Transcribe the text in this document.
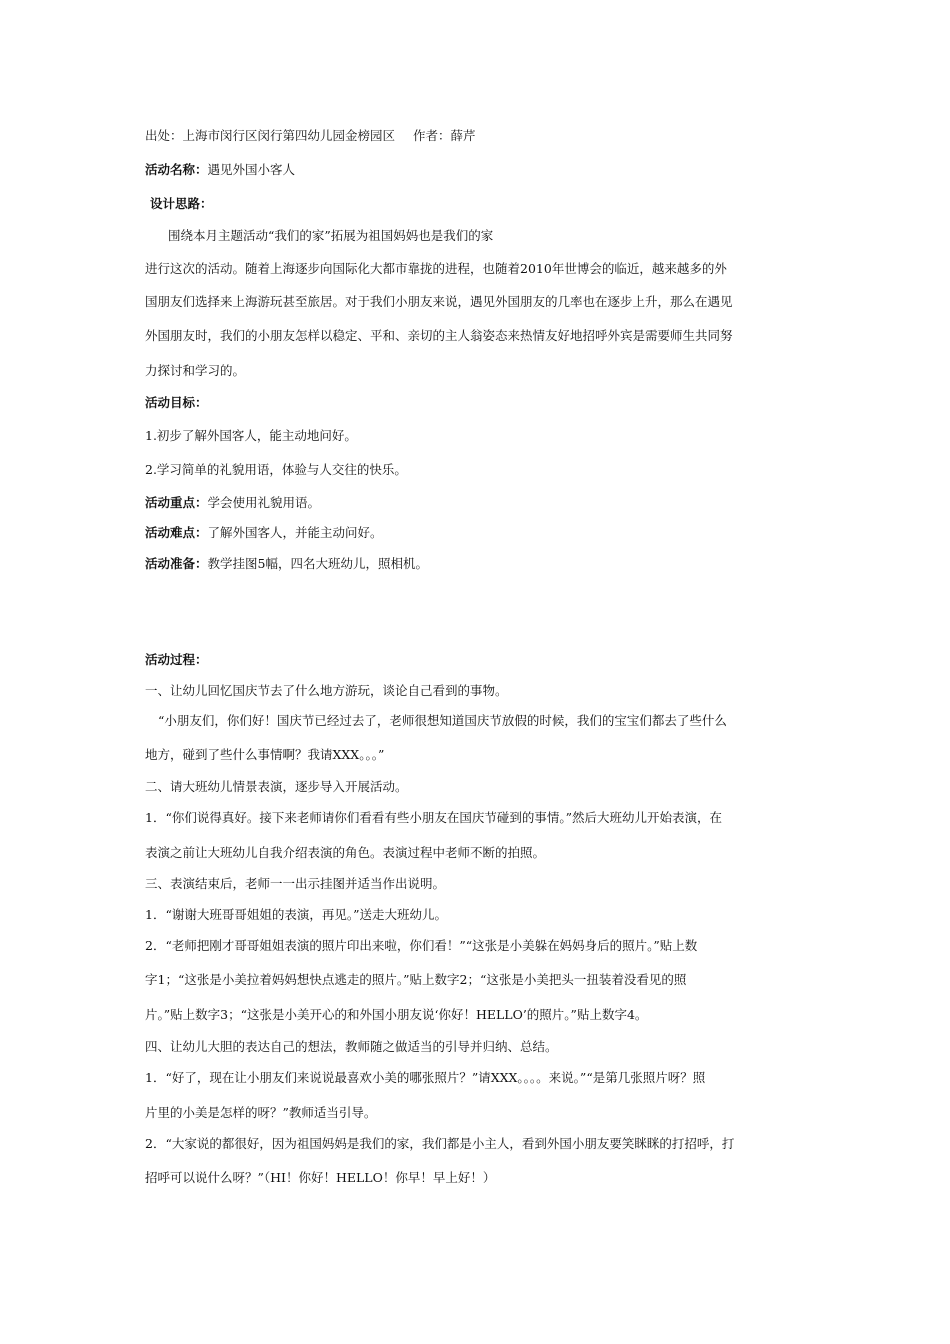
出处：上海市闵行区闵行第四幼儿园金榜园区 作者：薛芹

活动名称：遇见外国小客人

设计思路：

围绕本月主题活动“我们的家”拓展为祖国妈妈也是我们的家

进行这次的活动。随着上海逐步向国际化大都市靠拢的进程，也随着2010年世博会的临近，越来越多的外

国朋友们选择来上海游玩甚至旅居。对于我们小朋友来说，遇见外国朋友的几率也在逐步上升，那么在遇见

外国朋友时，我们的小朋友怎样以稳定、平和、亲切的主人翁姿态来热情友好地招呼外宾是需要师生共同努

力探讨和学习的。

活动目标：

1.初步了解外国客人，能主动地问好。

2.学习简单的礼貌用语，体验与人交往的快乐。

活动重点：学会使用礼貌用语。

活动难点：了解外国客人，并能主动问好。

活动准备：教学挂图5幅，四名大班幼儿，照相机。

活动过程：

一、让幼儿回忆国庆节去了什么地方游玩，谈论自己看到的事物。

“小朋友们，你们好！国庆节已经过去了，老师很想知道国庆节放假的时候，我们的宝宝们都去了些什么

地方，碰到了些什么事情啊？我请XXX。。。”

二、请大班幼儿情景表演，逐步导入开展活动。

1．“你们说得真好。接下来老师请你们看看有些小朋友在国庆节碰到的事情。”然后大班幼儿开始表演，在

表演之前让大班幼儿自我介绍表演的角色。表演过程中老师不断的拍照。

三、表演结束后，老师一一出示挂图并适当作出说明。

1．“谢谢大班哥哥姐姐的表演，再见。”送走大班幼儿。

2．“老师把刚才哥哥姐姐表演的照片印出来啦，你们看！”“这张是小美躲在妈妈身后的照片。”贴上数

字1；“这张是小美拉着妈妈想快点逃走的照片。”贴上数字2；“这张是小美把头一扭装着没看见的照

片。”贴上数字3；“这张是小美开心的和外国小朋友说‘你好！HELLO’的照片。”贴上数字4。

四、让幼儿大胆的表达自己的想法，教师随之做适当的引导并归纳、总结。

1．“好了，现在让小朋友们来说说最喜欢小美的哪张照片？”请XXX。。。。来说。”“是第几张照片呀？照

片里的小美是怎样的呀？”教师适当引导。

2．“大家说的都很好，因为祖国妈妈是我们的家，我们都是小主人，看到外国小朋友要笑眯眯的打招呼，打

招呼可以说什么呀？”（HI！你好！HELLO！你早！早上好！）
